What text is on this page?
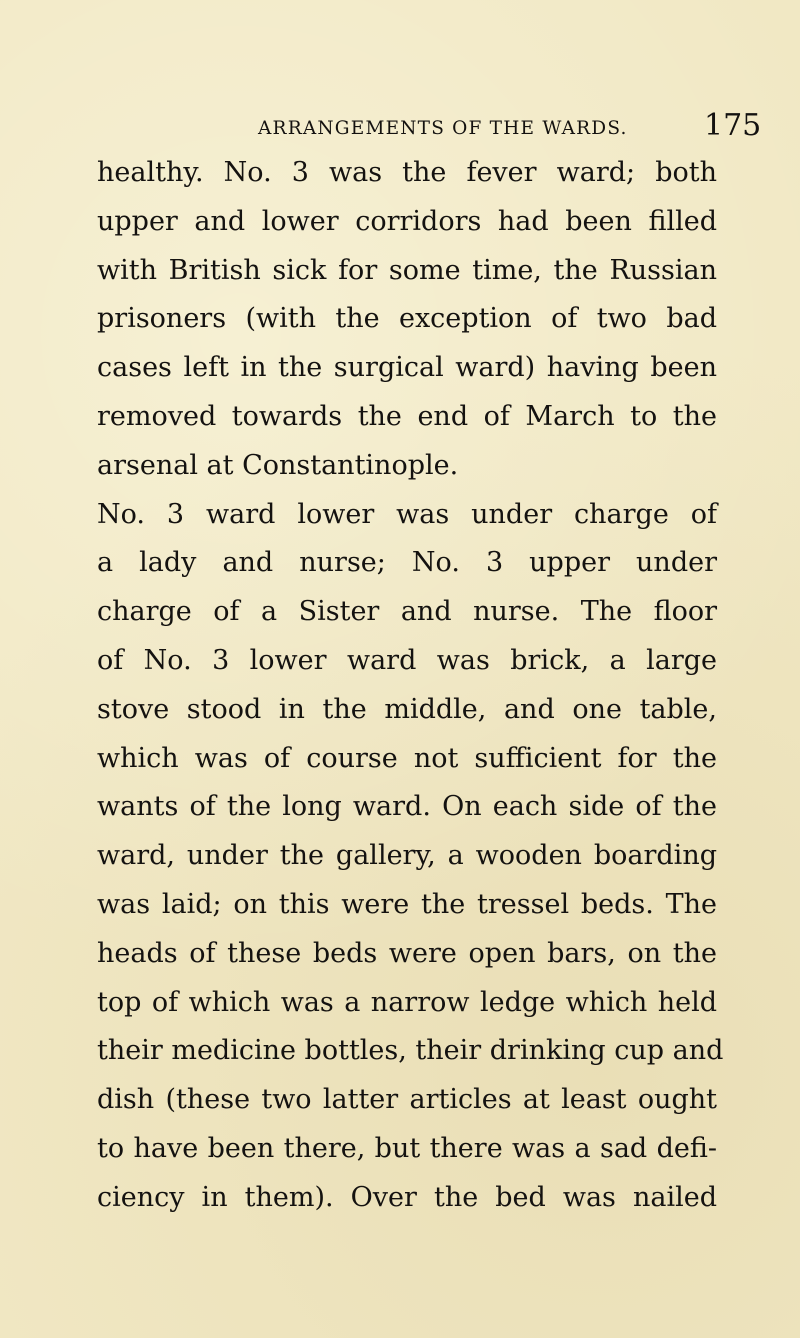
ARRANGEMENTS OF THE WARDS.	175
healthy. No. 3 was the fever ward; both
upper and lower corridors had been filled
with British sick for some time, the Russian
prisoners (with the exception of two bad
cases left in the surgical ward) having been
removed towards the end of March to the
arsenal at Constantinople.
No. 3 ward lower was under charge of
a lady and nurse; No. 3 upper under
charge of a Sister and nurse. The floor
of No. 3 lower ward was brick, a large
stove stood in the middle, and one table,
which was of course not sufficient for the
wants of the long ward. On each side of the
ward, under the gallery, a wooden boarding
was laid; on this were the tressel beds. The
heads of these beds were open bars, on the
top of which was a narrow ledge which held
their medicine bottles, their drinking cup and
dish (these two latter articles at least ought
to have been there, but there was a sad defi-
ciency in them). Over the bed was nailed
